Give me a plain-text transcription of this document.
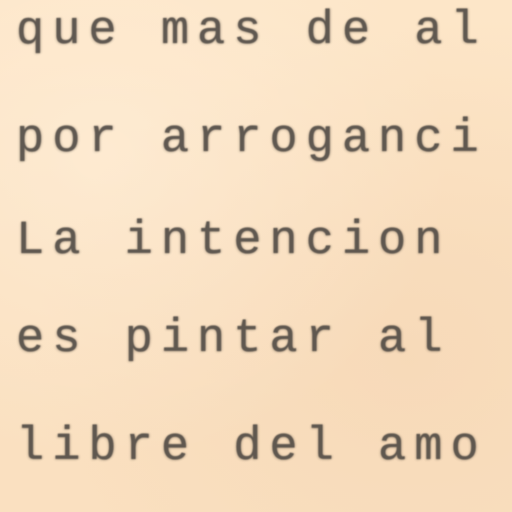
que mas de al
por arroganci
La intencion
es pintar al
libre del amo
